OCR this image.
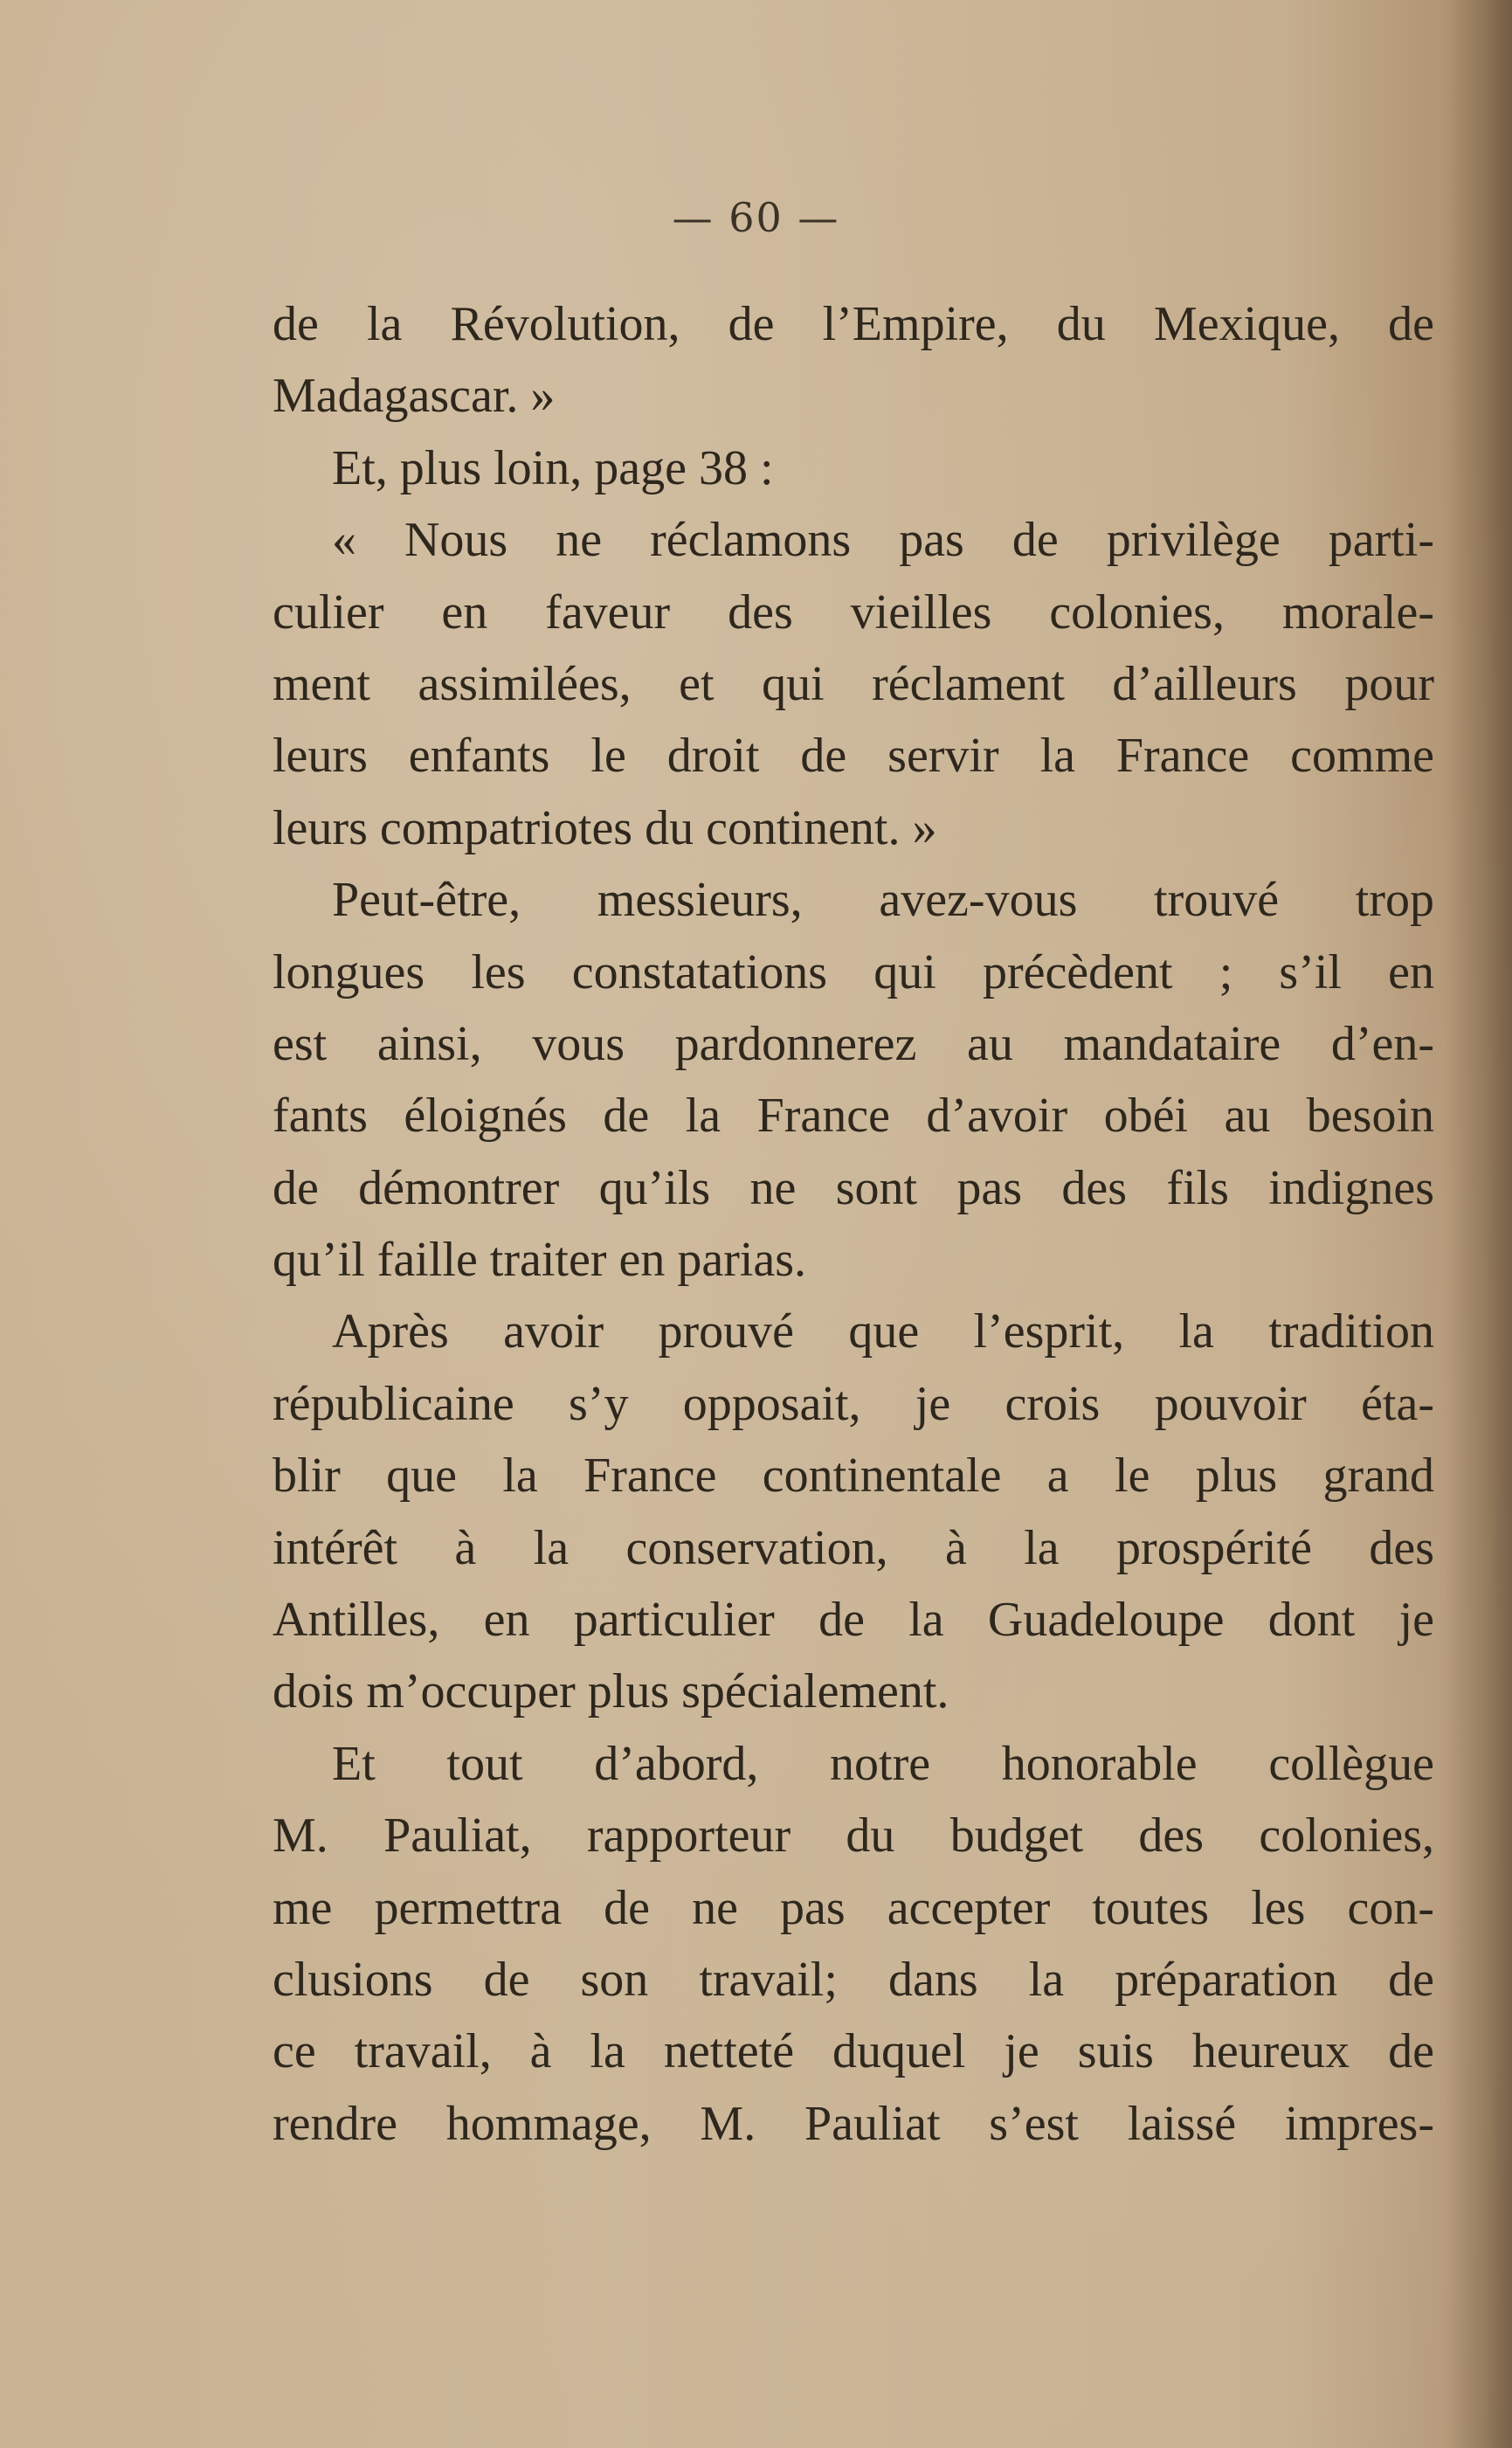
— 60 —
de la Révolution, de l’Empire, du Mexique, de
Madagascar. »
Et, plus loin, page 38 :
« Nous ne réclamons pas de privilège parti-
culier en faveur des vieilles colonies, morale-
ment assimilées, et qui réclament d’ailleurs pour
leurs enfants le droit de servir la France comme
leurs compatriotes du continent. »
Peut-être, messieurs, avez-vous trouvé trop
longues les constatations qui précèdent ; s’il en
est ainsi, vous pardonnerez au mandataire d’en-
fants éloignés de la France d’avoir obéi au besoin
de démontrer qu’ils ne sont pas des fils indignes
qu’il faille traiter en parias.
Après avoir prouvé que l’esprit, la tradition
républicaine s’y opposait, je crois pouvoir éta-
blir que la France continentale a le plus grand
intérêt à la conservation, à la prospérité des
Antilles, en particulier de la Guadeloupe dont je
dois m’occuper plus spécialement.
Et tout d’abord, notre honorable collègue
M. Pauliat, rapporteur du budget des colonies,
me permettra de ne pas accepter toutes les con-
clusions de son travail; dans la préparation de
ce travail, à la netteté duquel je suis heureux de
rendre hommage, M. Pauliat s’est laissé impres-
